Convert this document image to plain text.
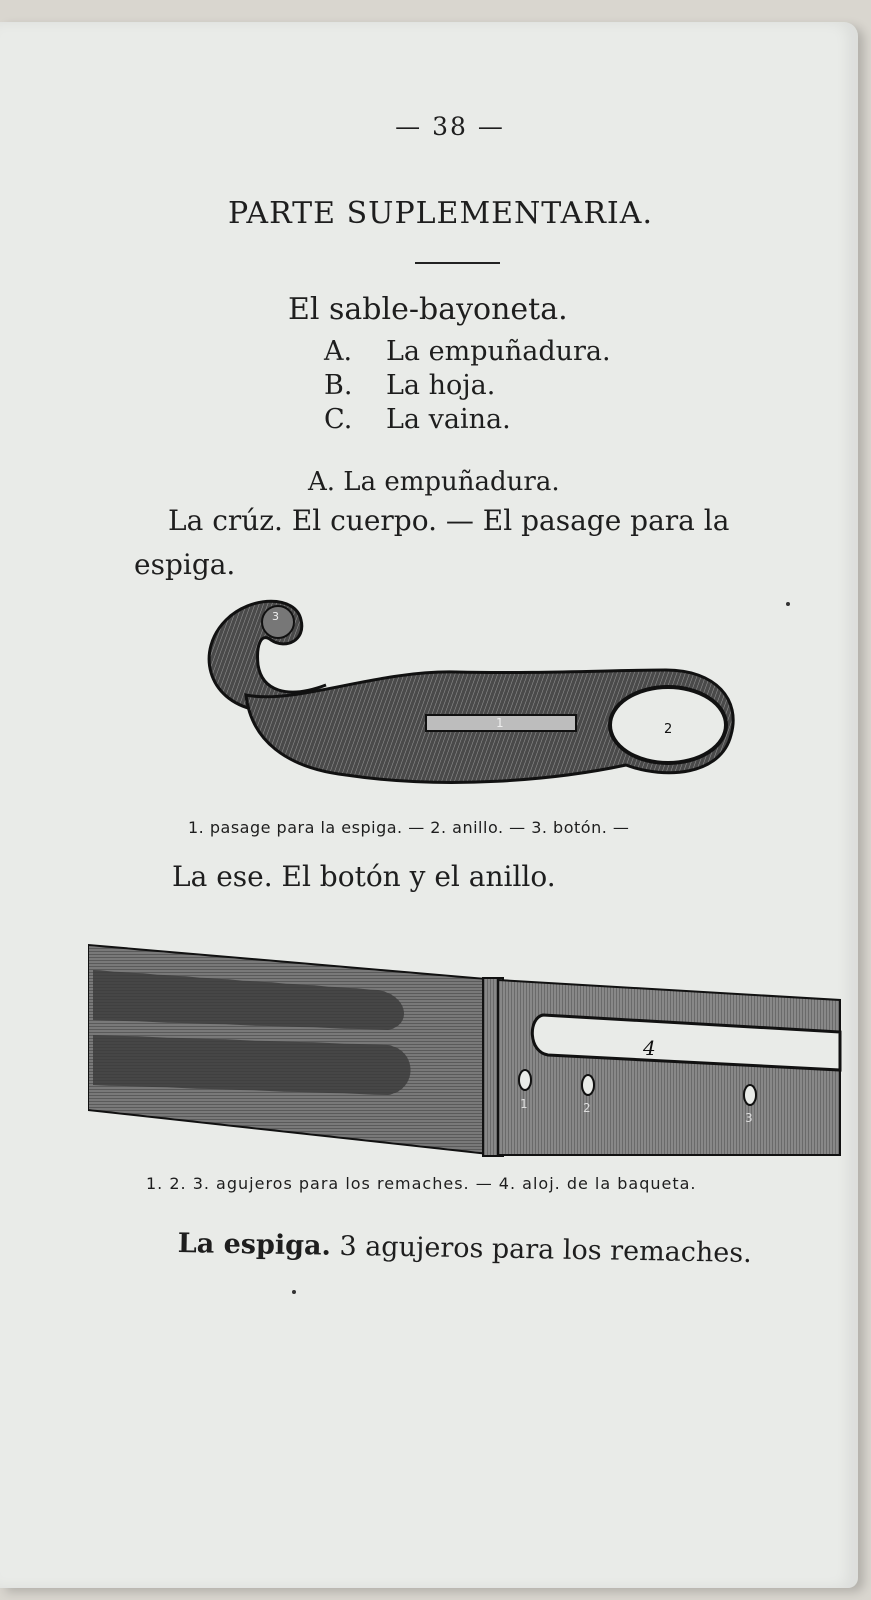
— 38 —
PARTE SUPLEMENTARIA.
El sable-bayoneta.
A. La empuñadura.
B. La hoja.
C. La vaina.
A. La empuñadura.
La crúz. El cuerpo. — El pasage para la
espiga.
1	2
3
1. pasage para la espiga. — 2. anillo. — 3. botón. —
La ese. El botón y el anillo.
4
1	2
3
1. 2. 3. agujeros para los remaches. — 4. aloj. de la baqueta.
La espiga. 3 agujeros para los remaches.
